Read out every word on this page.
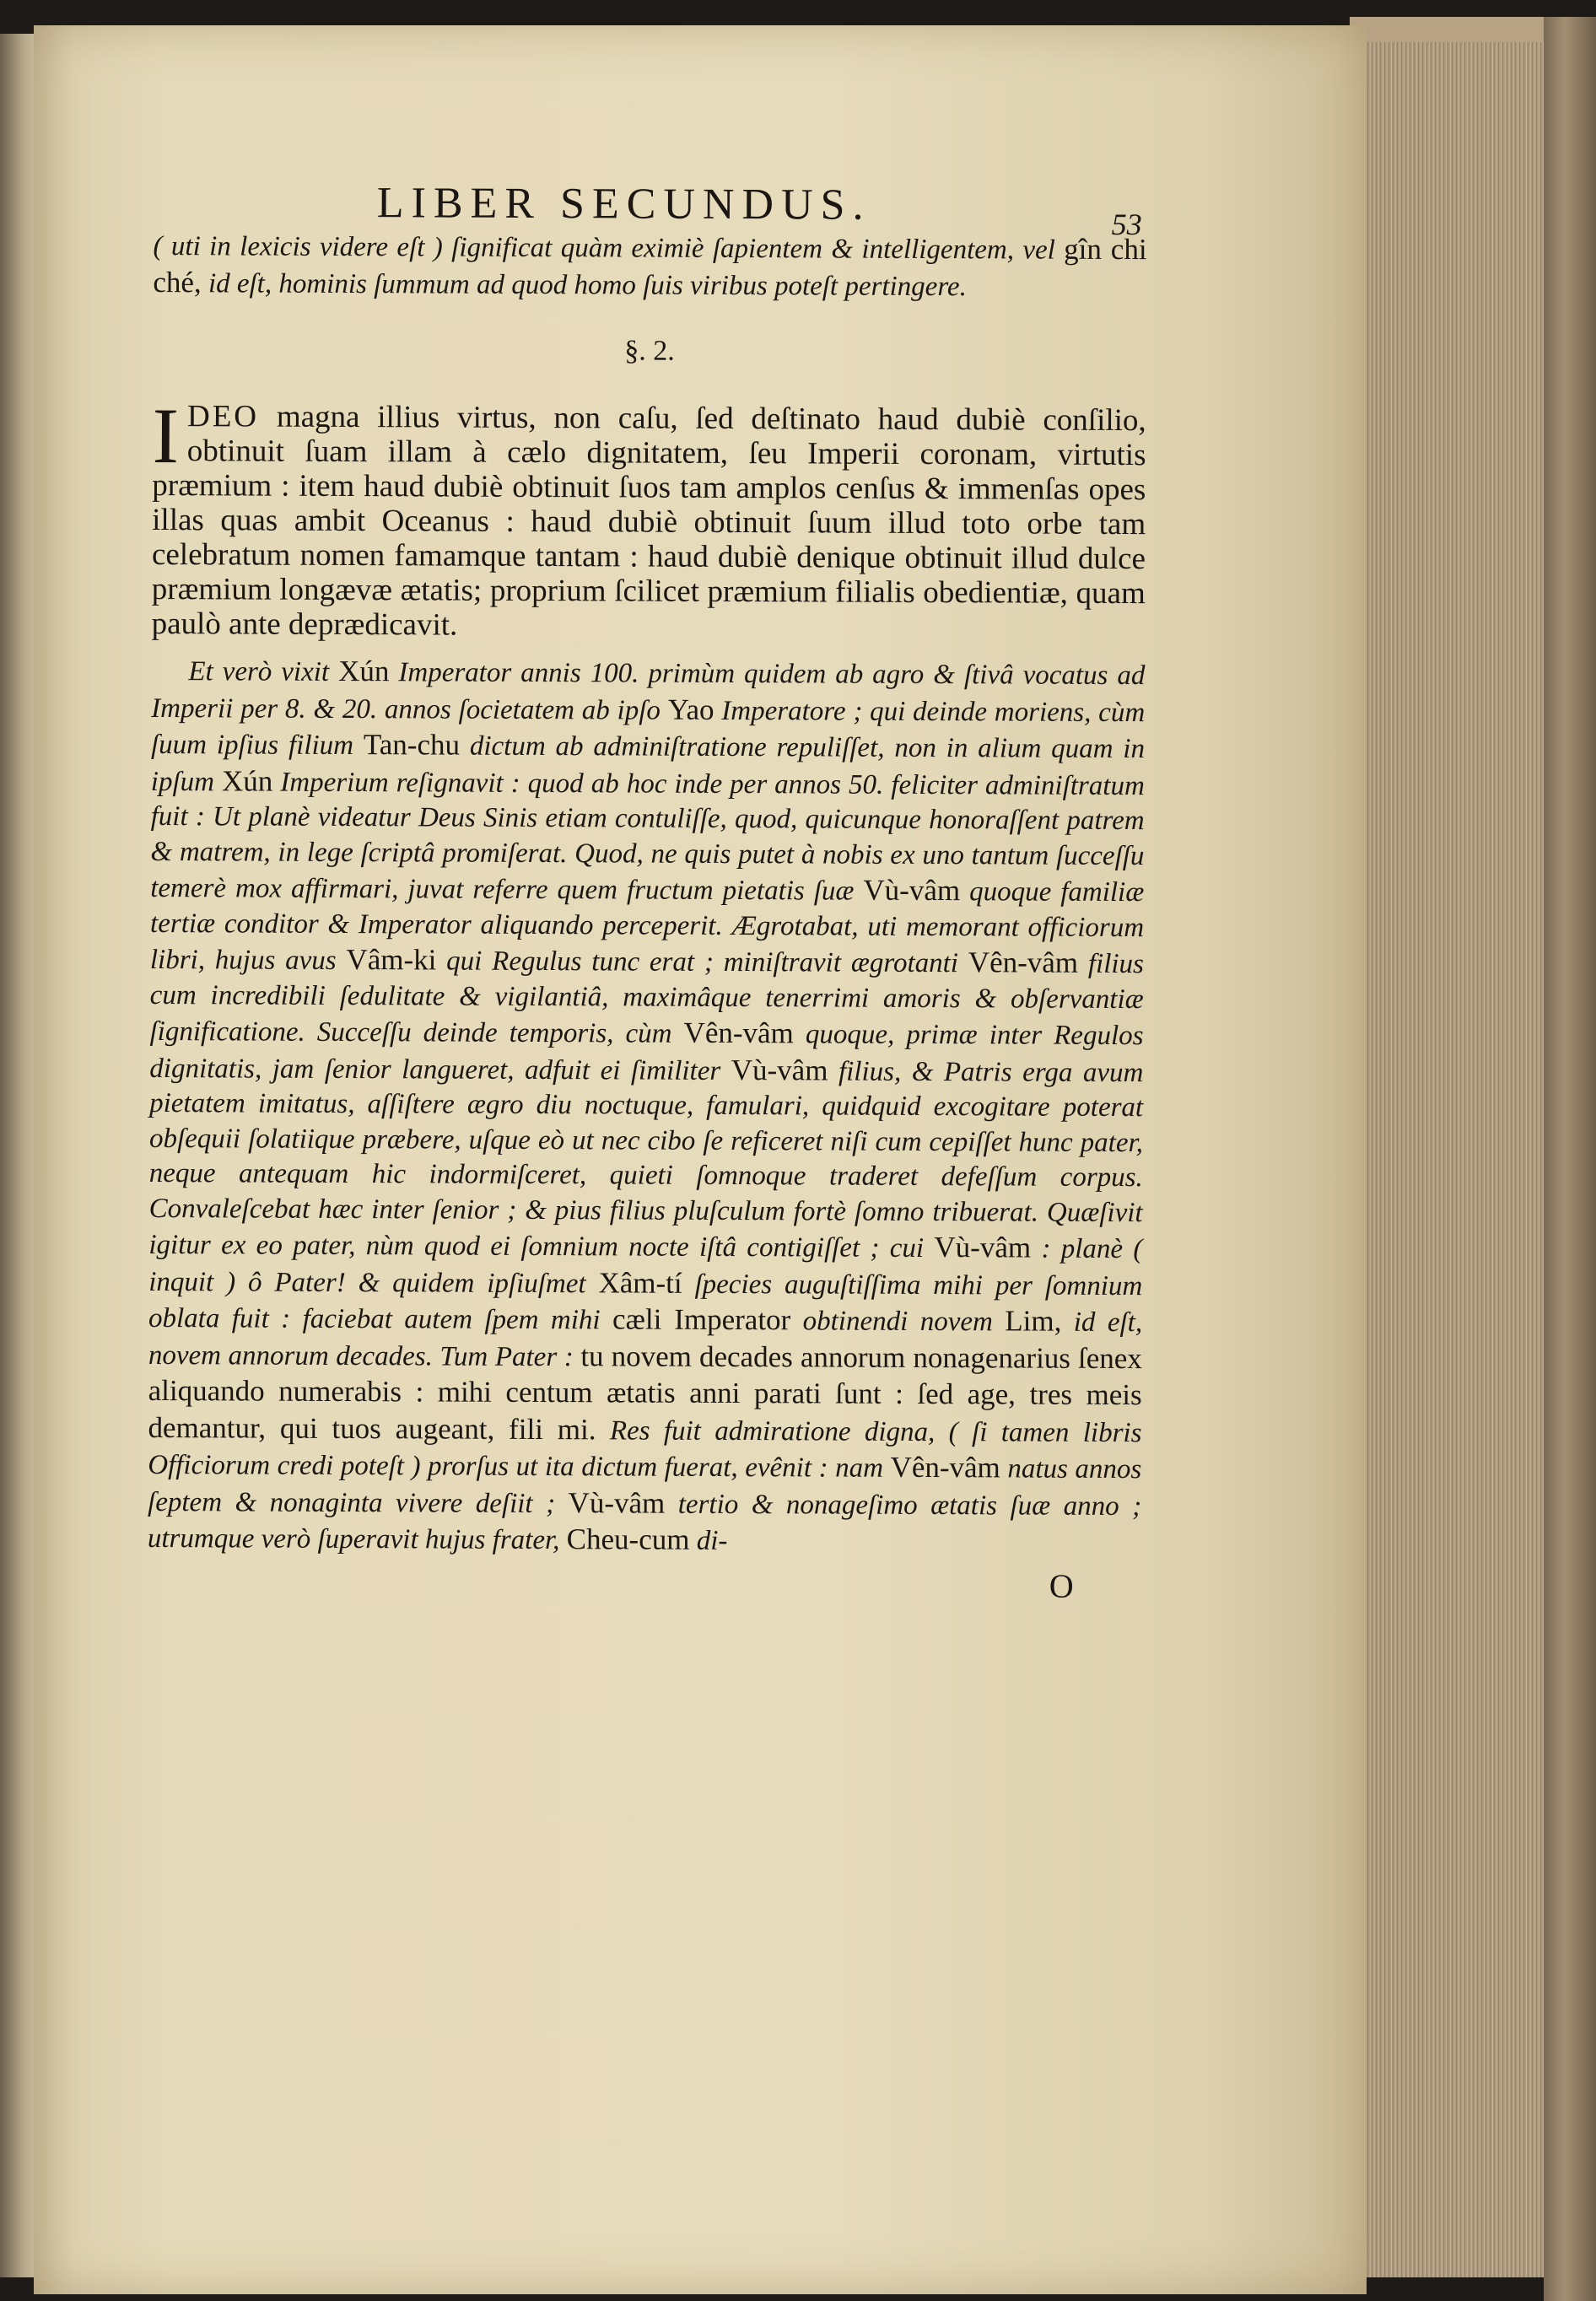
LIBER SECUNDUS.	53

( uti in lexicis videre eſt ) ſignificat quàm eximiè ſapientem & intelligentem, vel gîn chi ché, id eſt, hominis ſummum ad quod homo ſuis viribus poteſt pertingere.

§. 2.

IDEO magna illius virtus, non caſu, ſed deſtinato haud dubiè conſilio, obtinuit ſuam illam à cælo dignitatem, ſeu Imperii coronam, virtutis præmium : item haud dubiè obtinuit ſuos tam amplos cenſus & immenſas opes illas quas ambit Oceanus : haud dubiè obtinuit ſuum illud toto orbe tam celebratum nomen famamque tantam : haud dubiè denique obtinuit illud dulce præmium longævæ ætatis; proprium ſcilicet præmium filialis obedientiæ, quam paulò ante deprædicavit.

Et verò vixit Xún Imperator annis 100. primùm quidem ab agro & ſtivâ vocatus ad Imperii per 8. & 20. annos ſocietatem ab ipſo Yao Imperatore ; qui deinde moriens, cùm ſuum ipſius filium Tan-chu dictum ab adminiſtratione repuliſſet, non in alium quam in ipſum Xún Imperium reſignavit : quod ab hoc inde per annos 50. feliciter adminiſtratum fuit : Ut planè videatur Deus Sinis etiam contuliſſe, quod, quicunque honoraſſent patrem & matrem, in lege ſcriptâ promiſerat. Quod, ne quis putet à nobis ex uno tantum ſucceſſu temerè mox affirmari, juvat referre quem fructum pietatis ſuæ Vù-vâm quoque familiæ tertiæ conditor & Imperator aliquando perceperit. Ægrotabat, uti memorant officiorum libri, hujus avus Vâm-ki qui Regulus tunc erat ; miniſtravit ægrotanti Vên-vâm filius cum incredibili ſedulitate & vigilantiâ, maximâque tenerrimi amoris & obſervantiæ ſignificatione. Succeſſu deinde temporis, cùm Vên-vâm quoque, primæ inter Regulos dignitatis, jam ſenior langueret, adfuit ei ſimiliter Vù-vâm filius, & Patris erga avum pietatem imitatus, aſſiſtere ægro diu noctuque, famulari, quidquid excogitare poterat obſequii ſolatiique præbere, uſque eò ut nec cibo ſe reficeret niſi cum cepiſſet hunc pater, neque antequam hic indormiſceret, quieti ſomnoque traderet defeſſum corpus. Convaleſcebat hæc inter ſenior ; & pius filius pluſculum fortè ſomno tribuerat. Quæſivit igitur ex eo pater, nùm quod ei ſomnium nocte iſtâ contigiſſet ; cui Vù-vâm : planè ( inquit ) ô Pater! & quidem ipſiuſmet Xâm-tí ſpecies auguſtiſſima mihi per ſomnium oblata fuit : faciebat autem ſpem mihi cæli Imperator obtinendi novem Lim, id eſt, novem annorum decades. Tum Pater : tu novem decades annorum nonagenarius ſenex aliquando numerabis : mihi centum ætatis anni parati ſunt : ſed age, tres meis demantur, qui tuos augeant, fili mi. Res fuit admiratione digna, ( ſi tamen libris Officiorum credi poteſt ) prorſus ut ita dictum fuerat, evênit : nam Vên-vâm natus annos ſeptem & nonaginta vivere deſiit ; Vù-vâm tertio & nonageſimo ætatis ſuæ anno ; utrumque verò ſuperavit hujus frater, Cheu-cum di-

O
